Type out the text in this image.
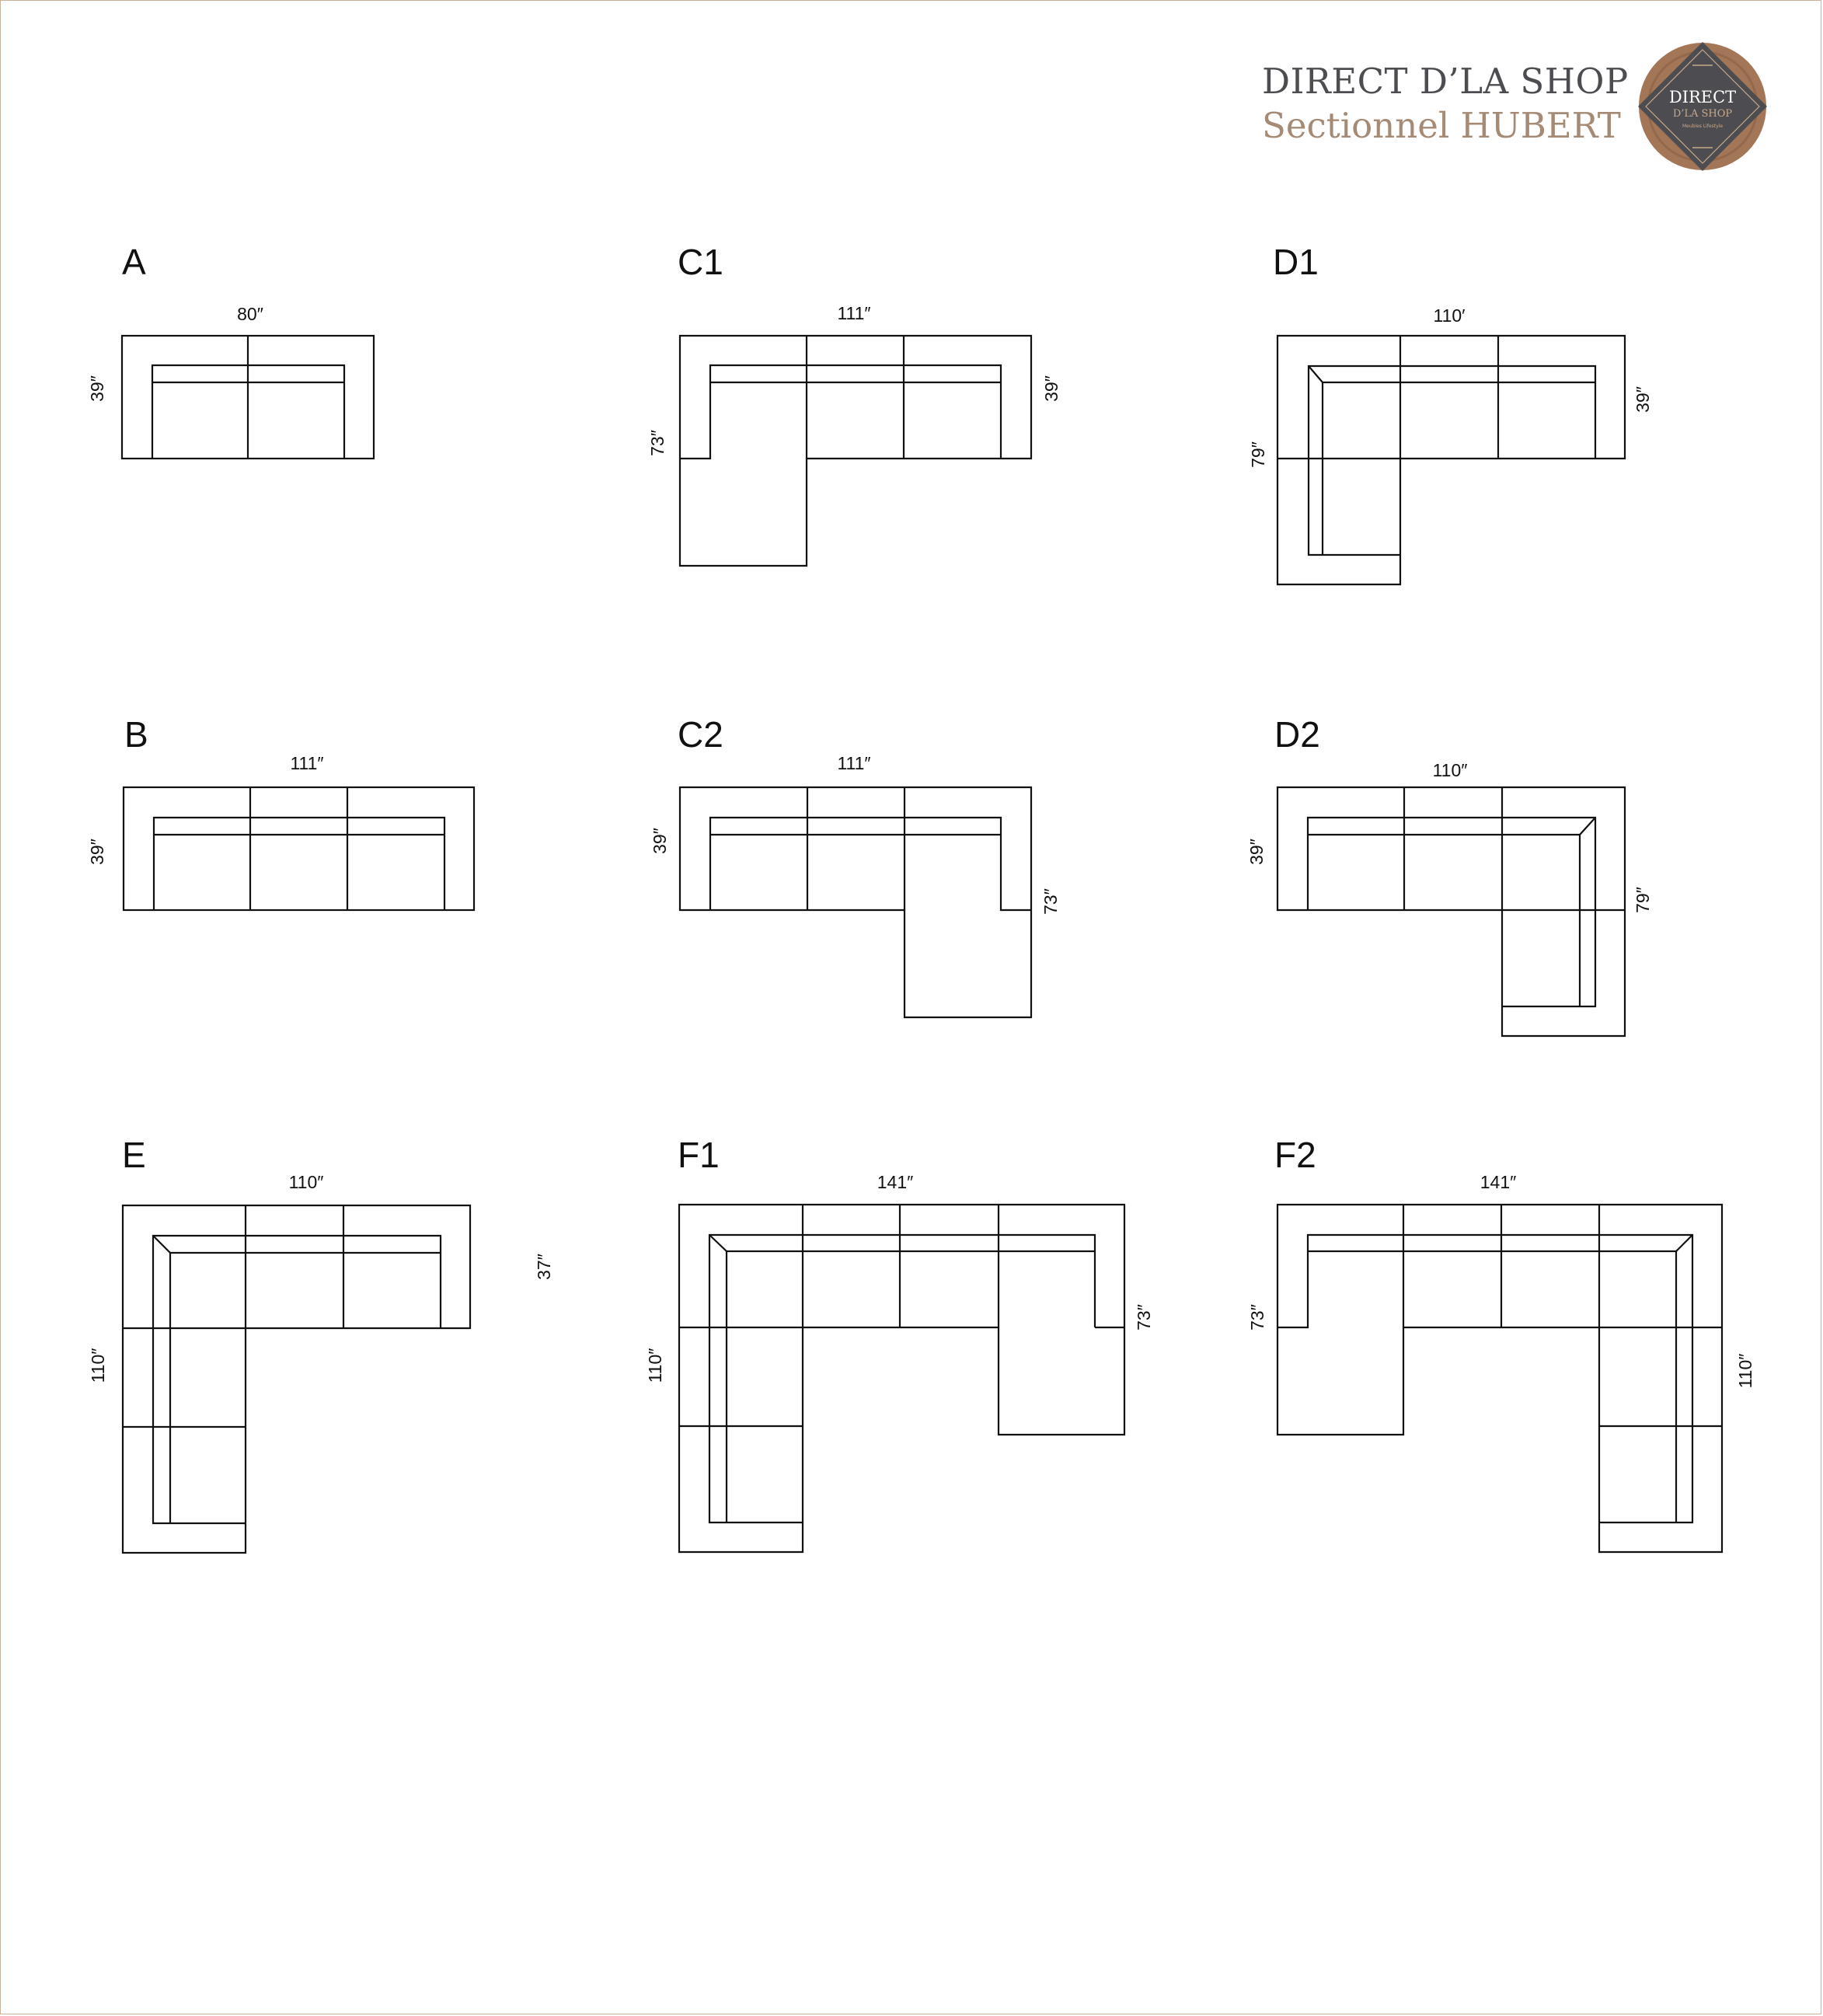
DIRECT D’LA SHOP
Sectionnel HUBERT
DIRECT
D’LA SHOP
Meubles Lifestyle
A
80″
39″
B
111″
39″
C1
111″
73″
39″
C2
111″
39″
73″
D1
110′
79″
39″
D2
110″
39″
79″
E
110″
110″
37″
F1
141″
110″
73″
F2
141″
73″
110″
